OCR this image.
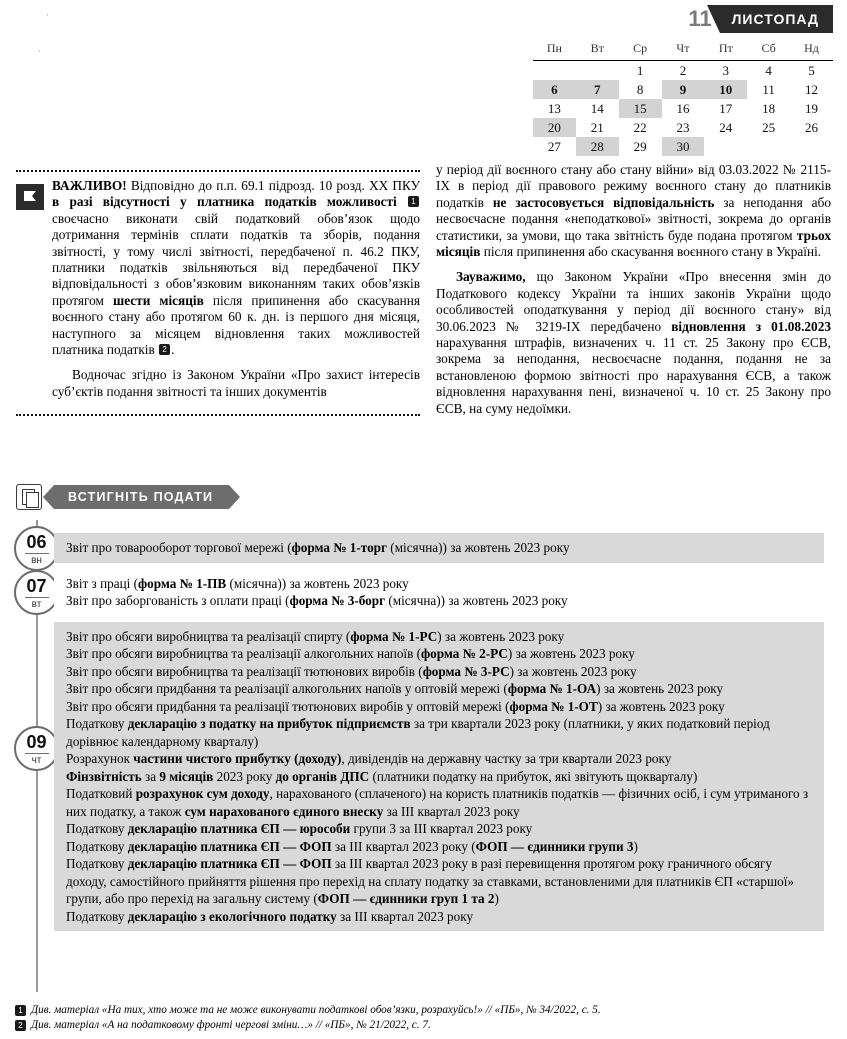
11	ЛИСТОПАД
Пн	Вт	Ср	Чт	Пт	Сб	Нд
		1	2	3	4	5
6	7	8	9	10	11	12
13	14	15	16	17	18	19
20	21	22	23	24	25	26
27	28	29	30			
·
·

ВАЖЛИВО! Відповідно до п.п. 69.1 підрозд. 10 розд. ХХ ПКУ в разі відсутності у платника податків можливості 1 своєчасно виконати свій податковий обов’язок щодо дотримання термінів сплати податків та зборів, подання звітності, у тому числі звітності, передбаченої п. 46.2 ПКУ, платники податків звільняються від передбаченої ПКУ відповідальності з обов’язковим виконанням таких обов’язків протягом шести місяців після припинення або скасування воєнного стану або протягом 60 к. дн. із першого дня місяця, наступного за місяцем відновлення таких можливостей платника податків 2 .

Водночас згідно із Законом України «Про захист інтересів суб’єктів подання звітності та інших документів

у період дії воєнного стану або стану війни» від 03.03.2022 № 2115-IX в період дії правового режиму воєнного стану до платників податків не застосовується відповідальність за неподання або несвоєчасне подання «неподаткової» звітності, зокрема до органів статистики, за умови, що така звітність буде подана протягом трьох місяців після припинення або скасування воєнного стану в Україні.

Зауважимо, що Законом України «Про внесення змін до Податкового кодексу України та інших законів України щодо особливостей оподаткування у період дії воєнного стану» від 30.06.2023 № 3219-IX передбачено відновлення з 01.08.2023 нарахування штрафів, визначених ч. 11 ст. 25 Закону про ЄСВ, зокрема за неподання, несвоєчасне подання, подання не за встановленою формою звітності про нарахування ЄСВ, а також відновлення нарахування пені, визначеної ч. 10 ст. 25 Закону про ЄСВ, на суму недоїмки.

ВСТИГНІТЬ ПОДАТИ
06
вн
Звіт про товарооборот торгової мережі (форма № 1-торг (місячна)) за жовтень 2023 року
07
вт
Звіт з праці (форма № 1-ПВ (місячна)) за жовтень 2023 року
Звіт про заборгованість з оплати праці (форма № 3-борг (місячна)) за жовтень 2023 року
09
чт
Звіт про обсяги виробництва та реалізації спирту (форма № 1-РС) за жовтень 2023 року
Звіт про обсяги виробництва та реалізації алкогольних напоїв (форма № 2-РС) за жовтень 2023 року
Звіт про обсяги виробництва та реалізації тютюнових виробів (форма № 3-РС) за жовтень 2023 року
Звіт про обсяги придбання та реалізації алкогольних напоїв у оптовій мережі (форма № 1-ОА) за жовтень 2023 року
Звіт про обсяги придбання та реалізації тютюнових виробів у оптовій мережі (форма № 1-ОТ) за жовтень 2023 року
Податкову декларацію з податку на прибуток підприємств за три квартали 2023 року (платники, у яких податковий період дорівнює календарному кварталу)
Розрахунок частини чистого прибутку (доходу), дивідендів на державну частку за три квартали 2023 року
Фінзвітність за 9 місяців 2023 року до органів ДПС (платники податку на прибуток, які звітують щокварталу)
Податковий розрахунок сум доходу, нарахованого (сплаченого) на користь платників податків — фізичних осіб, і сум утриманого з них податку, а також сум нарахованого єдиного внеску за ІІІ квартал 2023 року
Податкову декларацію платника ЄП — юрособи групи 3 за ІІІ квартал 2023 року
Податкову декларацію платника ЄП — ФОП за ІІІ квартал 2023 року (ФОП — єдинники групи 3)
Податкову декларацію платника ЄП — ФОП за ІІІ квартал 2023 року в разі перевищення протягом року граничного обсягу доходу, самостійного прийняття рішення про перехід на сплату податку за ставками, встановленими для платників ЄП «старшої» групи, або про перехід на загальну систему (ФОП — єдинники груп 1 та 2)
Податкову декларацію з екологічного податку за ІІІ квартал 2023 року
1 Див. матеріал «На тих, хто може та не може виконувати податкові обов’язки, розрахуйсь!» // «ПБ», № 34/2022, с. 5.
2 Див. матеріал «А на податковому фронті чергові зміни…» // «ПБ», № 21/2022, с. 7.
